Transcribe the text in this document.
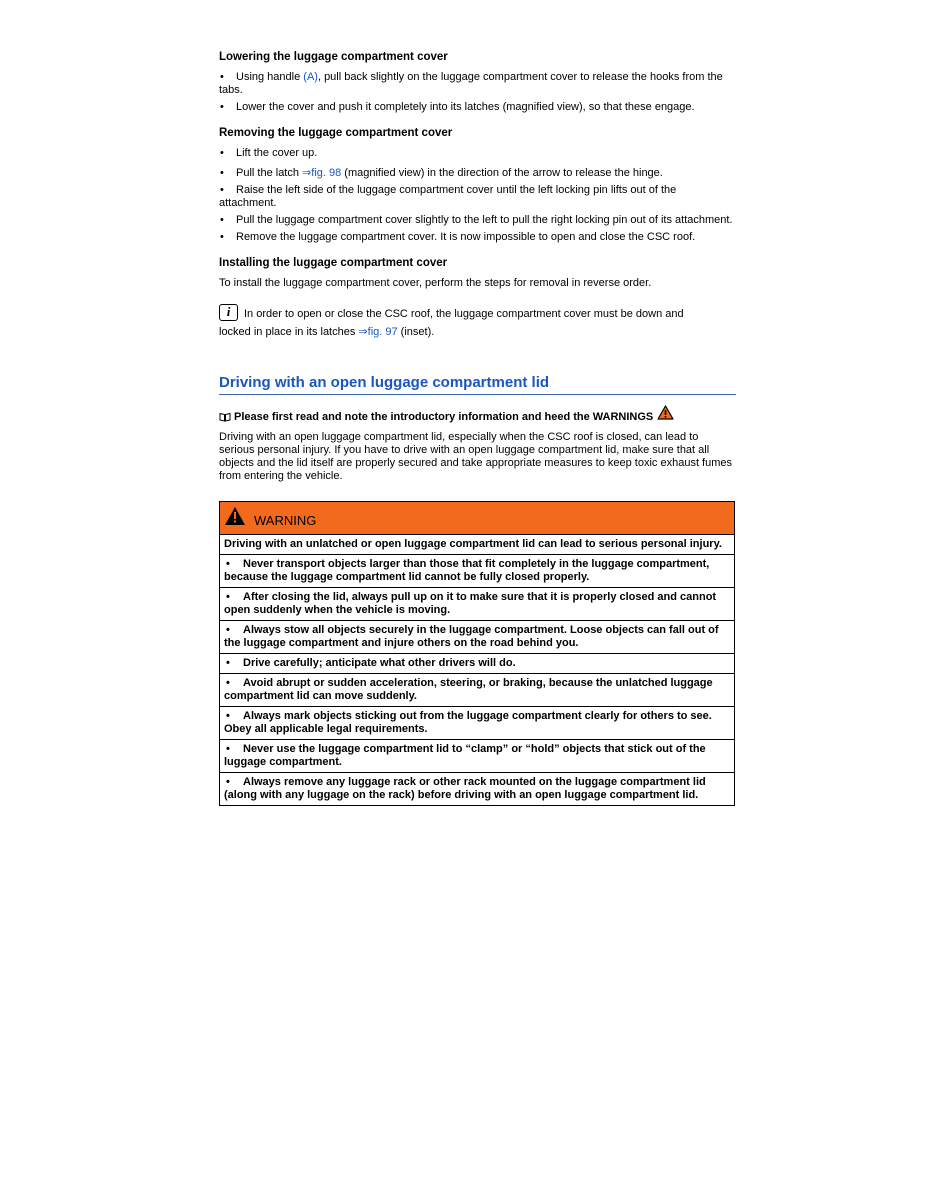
Lowering the luggage compartment cover
• Using handle (A), pull back slightly on the luggage compartment cover to release the hooks from the tabs.
• Lower the cover and push it completely into its latches (magnified view), so that these engage.
Removing the luggage compartment cover
• Lift the cover up.
• Pull the latch ⇒fig. 98 (magnified view) in the direction of the arrow to release the hinge.
• Raise the left side of the luggage compartment cover until the left locking pin lifts out of the attachment.
• Pull the luggage compartment cover slightly to the left to pull the right locking pin out of its attachment.
• Remove the luggage compartment cover. It is now impossible to open and close the CSC roof.
Installing the luggage compartment cover
To install the luggage compartment cover, perform the steps for removal in reverse order.
i	In order to open or close the CSC roof, the luggage compartment cover must be down and
locked in place in its latches ⇒fig. 97 (inset).
Driving with an open luggage compartment lid
Please first read and note the introductory information and heed the WARNINGS
Driving with an open luggage compartment lid, especially when the CSC roof is closed, can lead to serious personal injury. If you have to drive with an open luggage compartment lid, make sure that all objects and the lid itself are properly secured and take appropriate measures to keep toxic exhaust fumes from entering the vehicle.
WARNING
Driving with an unlatched or open luggage compartment lid can lead to serious personal injury.
• Never transport objects larger than those that fit completely in the luggage compartment, because the luggage compartment lid cannot be fully closed properly.
• After closing the lid, always pull up on it to make sure that it is properly closed and cannot open suddenly when the vehicle is moving.
• Always stow all objects securely in the luggage compartment. Loose objects can fall out of the luggage compartment and injure others on the road behind you.
• Drive carefully; anticipate what other drivers will do.
• Avoid abrupt or sudden acceleration, steering, or braking, because the unlatched luggage compartment lid can move suddenly.
• Always mark objects sticking out from the luggage compartment clearly for others to see. Obey all applicable legal requirements.
• Never use the luggage compartment lid to “clamp” or “hold” objects that stick out of the luggage compartment.
• Always remove any luggage rack or other rack mounted on the luggage compartment lid (along with any luggage on the rack) before driving with an open luggage compartment lid.
